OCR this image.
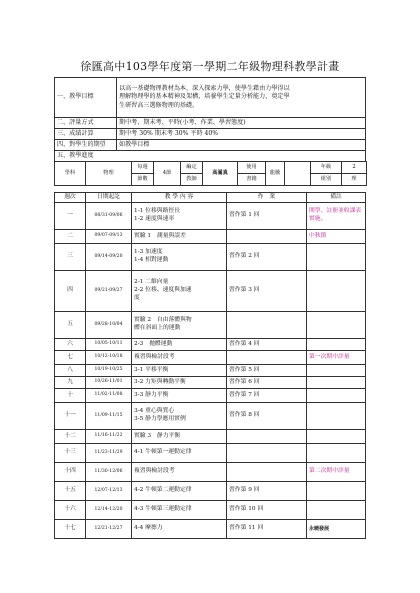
徐匯高中103學年度第一學期二年級物理科教學計畫
一、教學目標	以高一基礎物理教材為本，深入探索力學，使學生藉由力學得以
理解物理學的基本精神及架構，培養學生定量分析能力，奠定學
生研習高三選修物理的基礎。

二、評量方式	期中考、期末考、平時(小考、作業、學習態度)
三、成績計算	期中考 30% 期末考 30% 平時 40%
四、對學生的期望	如教學目標
五、教學進度	
學科	物理	每週	4節	編定	高滿真	使用	龍騰		年級	2
		節數		教師		書籍			組別	理
週次	日期起訖	教 學 內 容	作　業	備註
一	08/31-09/06	1-1 位移與路徑長
1-2 速度與速率	習作第 1 回	開學、註冊並收課表實施。
二	09/07-09/13	實驗 1　測量與誤差		中秋節
三	09/14-09/20	1-3 加速度
1-4 相對運動	習作第 2 回	
四	09/21-09/27	2-1 二維向量
2-2 位移、速度與加速
度	習作第 3 回	
五	09/28-10/04	實驗 2　自由落體與物
體在斜面上的運動		

六	10/05-10/11	2-3　拋體運動	習作第 4 回	
七	10/12-10/18	複習與檢討段考		第一次期中評量
八	10/19-10/25	3-1 平移平衡	習作第 5 回	
九	10/26-11/01	3-2 力矩與轉動平衡	習作第 6 回	
十	11/02-11/08	3-3 靜力平衡	習作第 7 回	
十一	11/09-11/15	3-4 重心與質心
3-5 静力學應用實例	習作第 8 回	
十二	11/16-11/22	實驗 3　靜力平衡		

十三	11/23-11/29	4-1 牛頓第一運動定律		

十四	11/30-12/06	複習與檢討段考		第二次期中評量
十五	12/07-12/13	4-2 牛頓第二運動定律	習作第 9 回	
十六	12/14-12/20	4-3 牛頓第三運動定律	習作第 10 回	
十七	12/21-12/27	4-4 摩擦力	習作第 11 回	永曉發展
